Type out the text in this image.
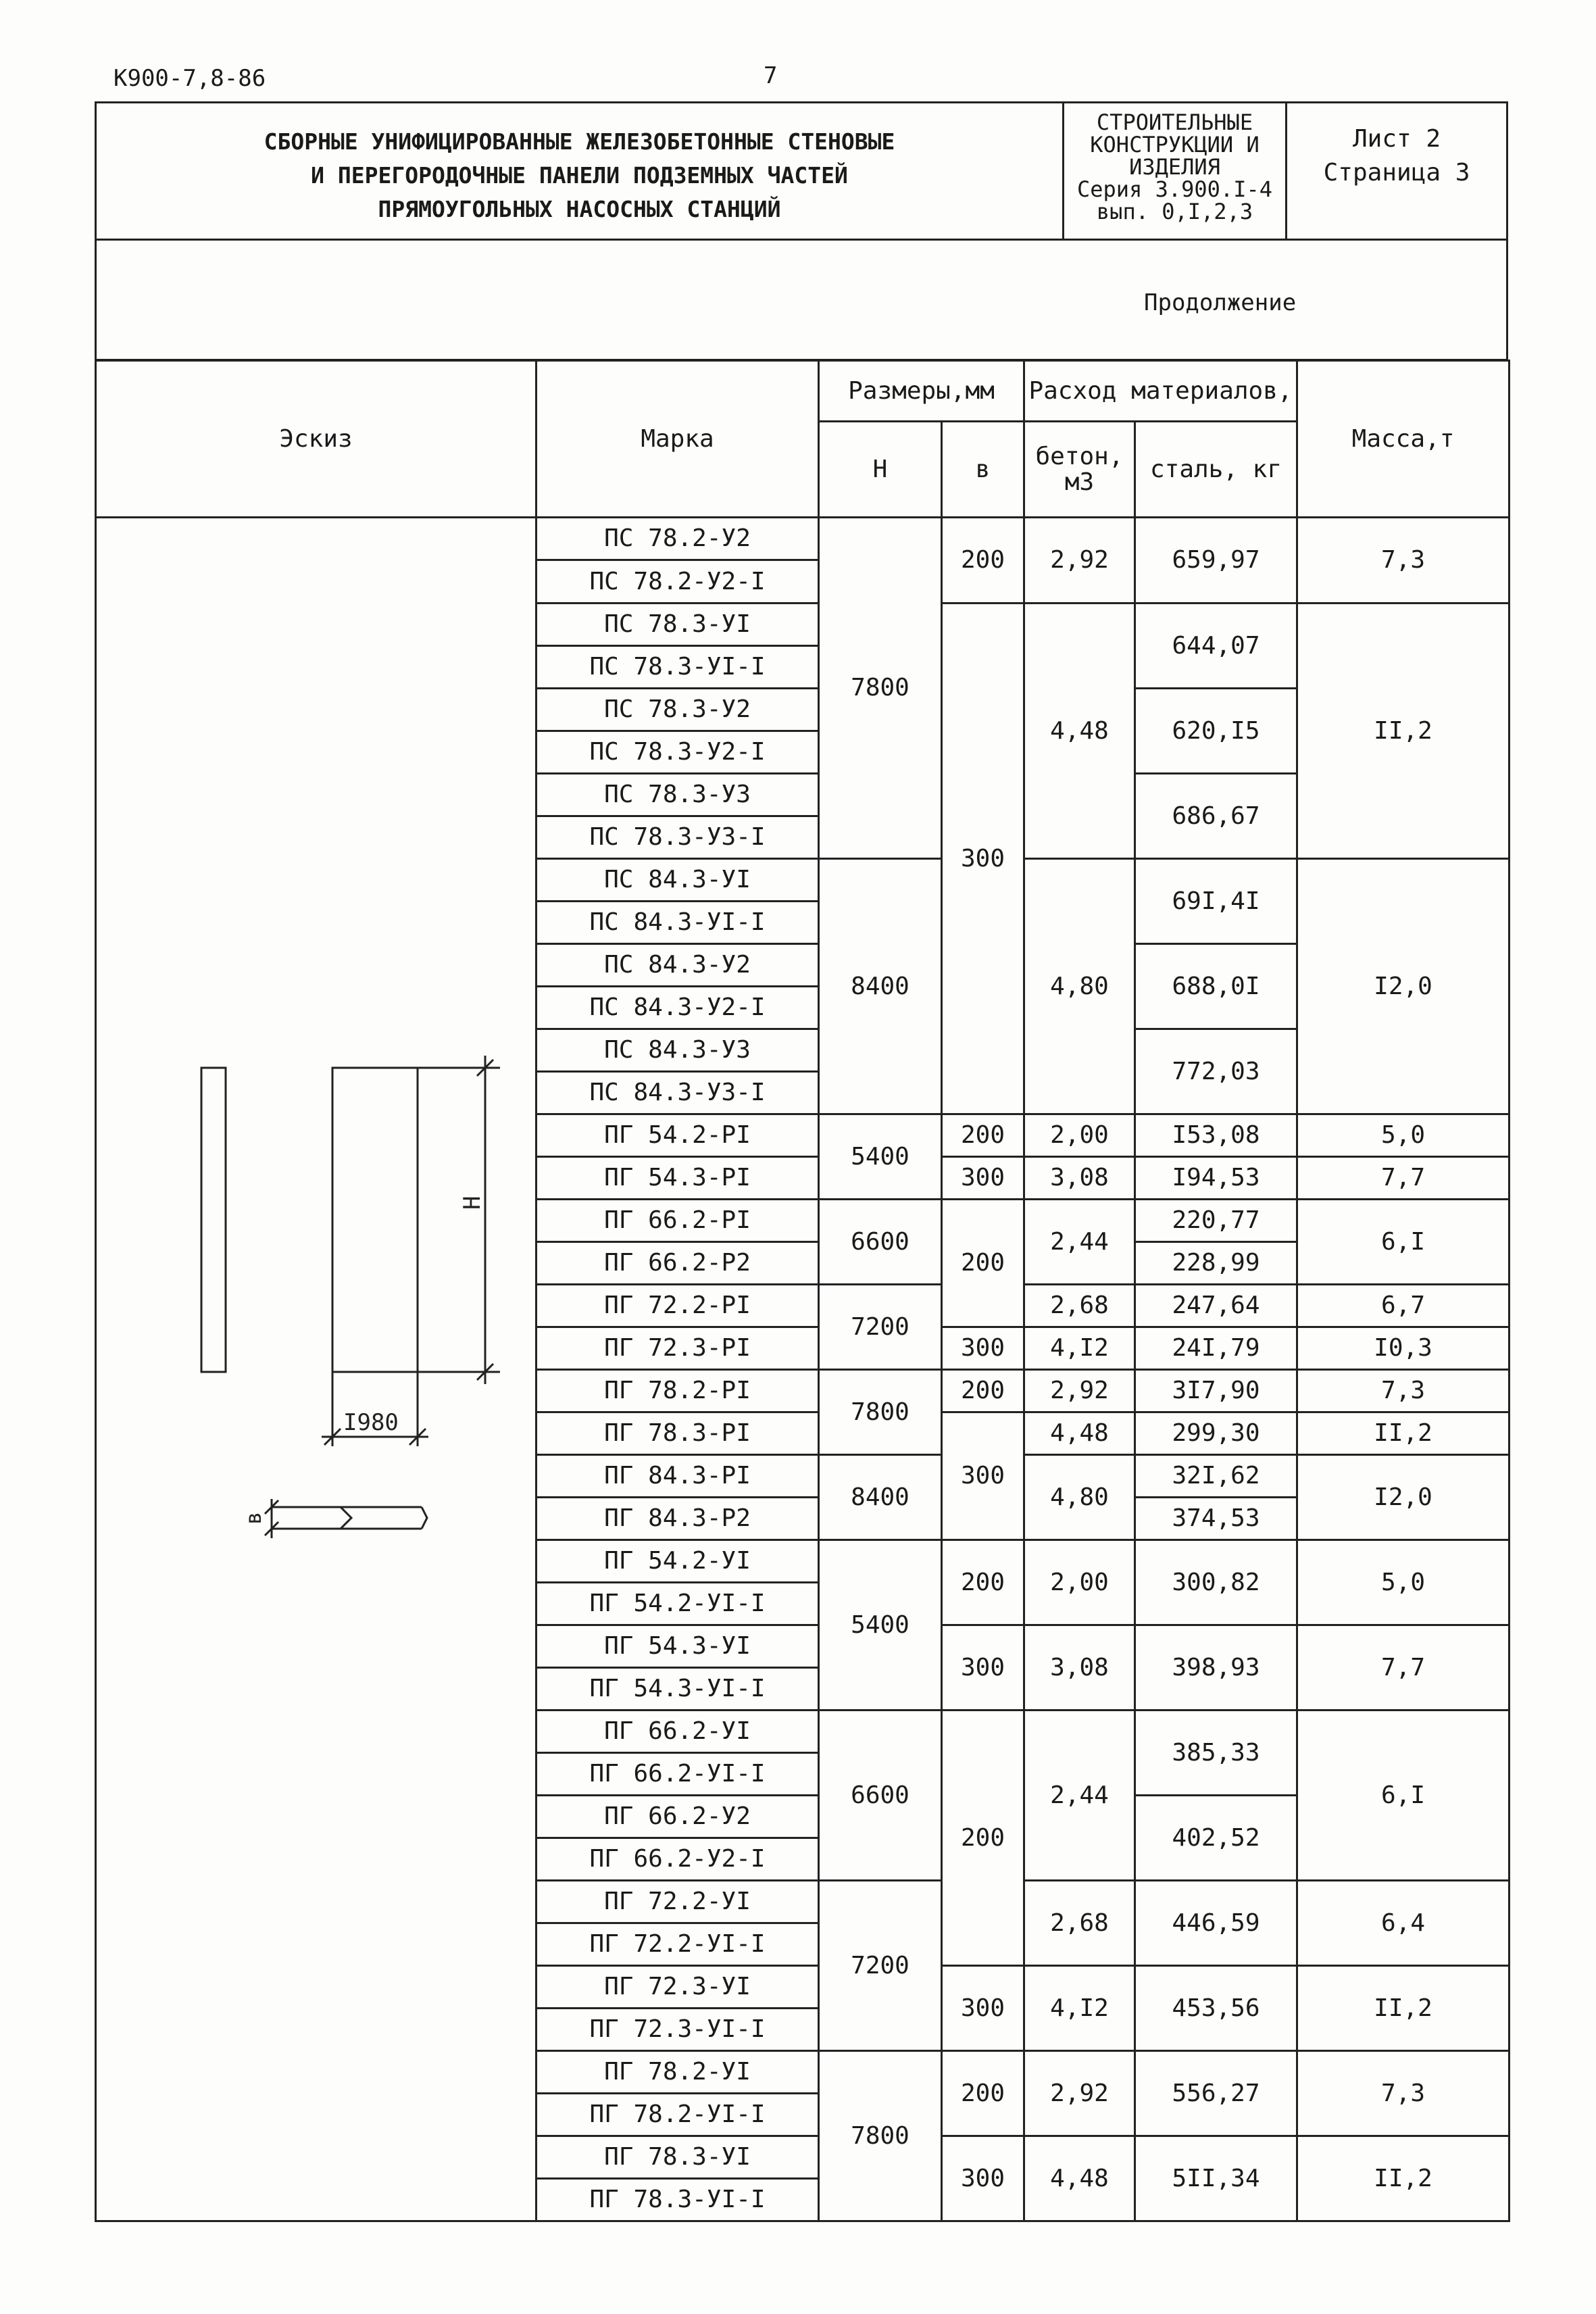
К900-7,8-86	7
СБОРНЫЕ УНИФИЦИРОВАННЫЕ ЖЕЛЕЗОБЕТОННЫЕ СТЕНОВЫЕ
И ПЕРЕГОРОДОЧНЫЕ ПАНЕЛИ ПОДЗЕМНЫХ ЧАСТЕЙ
ПРЯМОУГОЛЬНЫХ НАСОСНЫХ СТАНЦИЙ
СТРОИТЕЛЬНЫЕ
КОНСТРУКЦИИ И
ИЗДЕЛИЯ
Серия 3.900.I-4
вып. 0,I,2,3
Лист 2
Страница 3
Продолжение
Эскиз	Марка	Размеры,мм		Расход материалов,		Масса,т
		Н	в	бетон, м3	сталь, кг	
	ПС 78.2-У2	7800	200	2,92	659,97	7,3
	ПС 78.2-У2-I					
	ПС 78.3-УI		300	4,48	644,07	II,2
	ПС 78.3-УI-I					
	ПС 78.3-У2				620,I5	
	ПС 78.3-У2-I					
	ПС 78.3-У3				686,67	
	ПС 78.3-У3-I					
	ПС 84.3-УI	8400		4,80	69I,4I	I2,0
	ПС 84.3-УI-I					
	ПС 84.3-У2				688,0I	
	ПС 84.3-У2-I					
	ПС 84.3-У3				772,03	
	ПС 84.3-У3-I					
	ПГ 54.2-РI	5400	200	2,00	I53,08	5,0
	ПГ 54.3-РI		300	3,08	I94,53	7,7
	ПГ 66.2-РI	6600	200	2,44	220,77	6,I
	ПГ 66.2-Р2				228,99	
	ПГ 72.2-РI	7200		2,68	247,64	6,7
	ПГ 72.3-РI		300	4,I2	24I,79	I0,3
	ПГ 78.2-РI	7800	200	2,92	3I7,90	7,3
	ПГ 78.3-РI		300	4,48	299,30	II,2
	ПГ 84.3-РI	8400		4,80	32I,62	I2,0
	ПГ 84.3-Р2				374,53	
	ПГ 54.2-УI	5400	200	2,00	300,82	5,0
	ПГ 54.2-УI-I					
	ПГ 54.3-УI		300	3,08	398,93	7,7
	ПГ 54.3-УI-I					
	ПГ 66.2-УI	6600	200	2,44	385,33	6,I
	ПГ 66.2-УI-I					
	ПГ 66.2-У2				402,52	
	ПГ 66.2-У2-I					
	ПГ 72.2-УI	7200		2,68	446,59	6,4
	ПГ 72.2-УI-I					
	ПГ 72.3-УI		300	4,I2	453,56	II,2
	ПГ 72.3-УI-I					
	ПГ 78.2-УI	7800	200	2,92	556,27	7,3
	ПГ 78.2-УI-I					
	ПГ 78.3-УI		300	4,48	5II,34	II,2
	ПГ 78.3-УI-I					
I980
Н
в
